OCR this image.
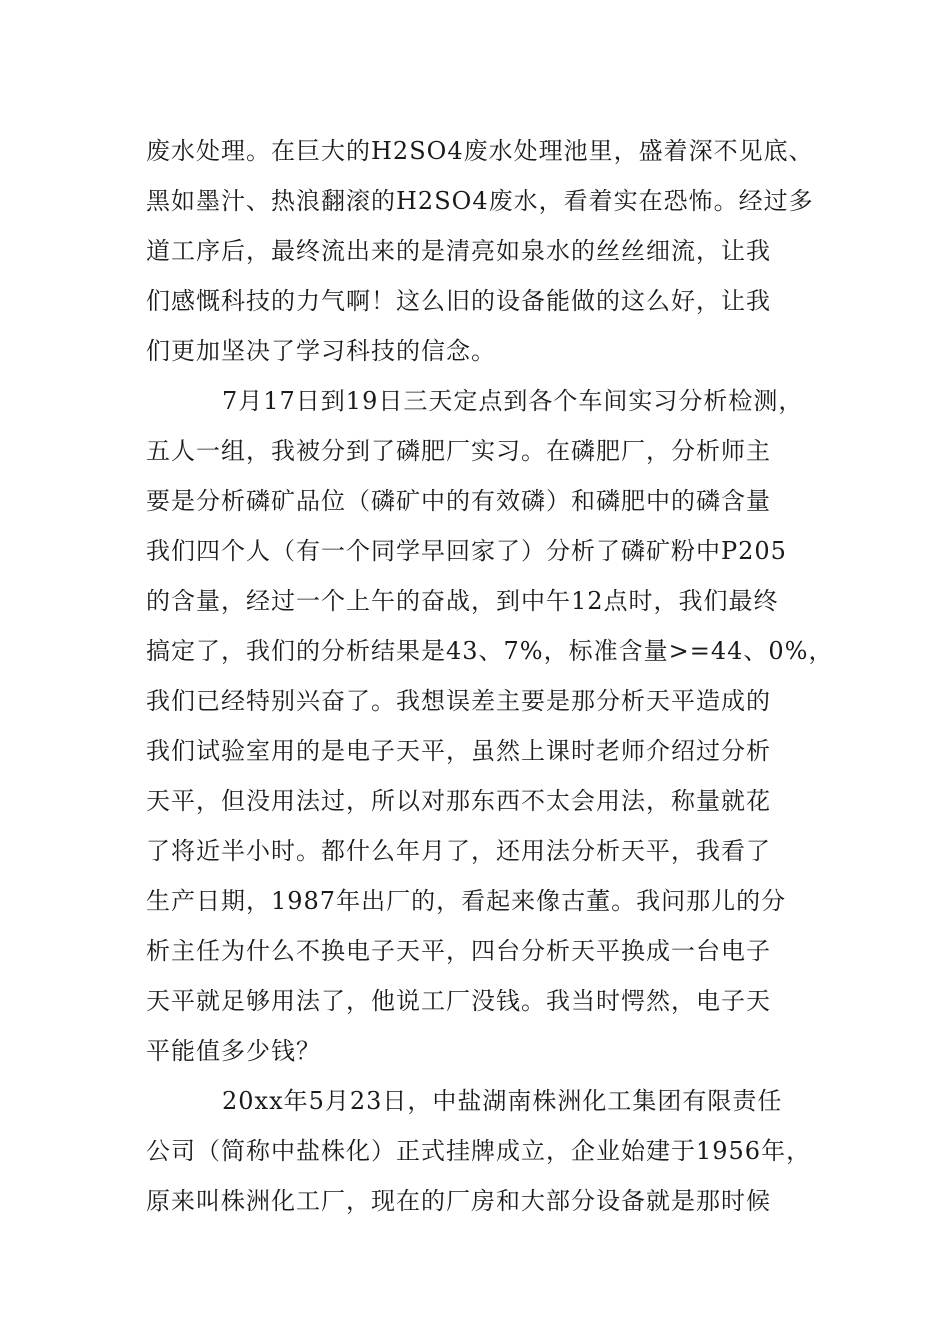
废水处理。在巨大的H2SO4废水处理池里，盛着深不见底、
黑如墨汁、热浪翻滚的H2SO4废水，看着实在恐怖。经过多
道工序后，最终流出来的是清亮如泉水的丝丝细流，让我
们感慨科技的力气啊！这么旧的设备能做的这么好，让我
们更加坚决了学习科技的信念。
7月17日到19日三天定点到各个车间实习分析检测，
五人一组，我被分到了磷肥厂实习。在磷肥厂，分析师主
要是分析磷矿品位（磷矿中的有效磷）和磷肥中的磷含量
我们四个人（有一个同学早回家了）分析了磷矿粉中P205
的含量，经过一个上午的奋战，到中午12点时，我们最终
搞定了，我们的分析结果是43、7%，标准含量>=44、0%，
我们已经特别兴奋了。我想误差主要是那分析天平造成的
我们试验室用的是电子天平，虽然上课时老师介绍过分析
天平，但没用法过，所以对那东西不太会用法，称量就花
了将近半小时。都什么年月了，还用法分析天平，我看了
生产日期，1987年出厂的，看起来像古董。我问那儿的分
析主任为什么不换电子天平，四台分析天平换成一台电子
天平就足够用法了，他说工厂没钱。我当时愕然，电子天
平能值多少钱？
20xx年5月23日，中盐湖南株洲化工集团有限责任
公司（简称中盐株化）正式挂牌成立，企业始建于1956年，
原来叫株洲化工厂，现在的厂房和大部分设备就是那时候
